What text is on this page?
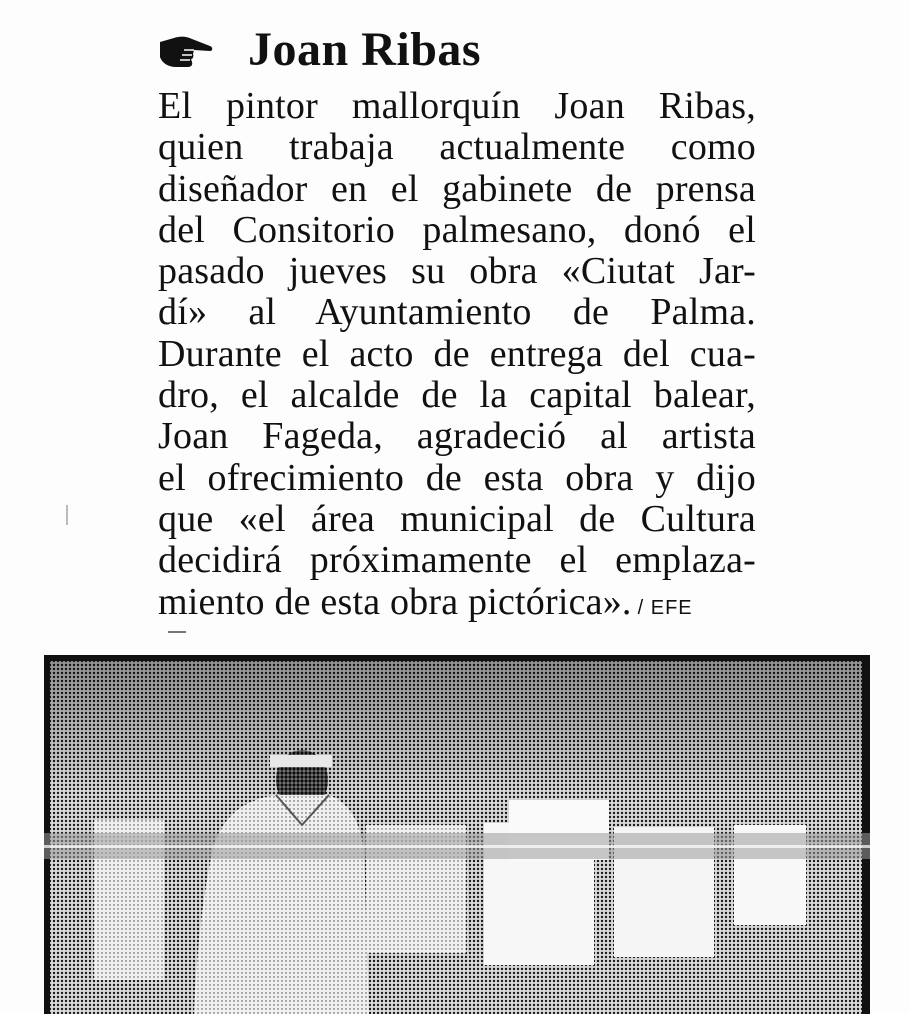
Joan Ribas
El pintor mallorquín Joan Ribas,
quien trabaja actualmente como
diseñador en el gabinete de prensa
del Consitorio palmesano, donó el
pasado jueves su obra «Ciutat Jar-
dí» al Ayuntamiento de Palma.
Durante el acto de entrega del cua-
dro, el alcalde de la capital balear,
Joan Fageda, agradeció al artista
el ofrecimiento de esta obra y dijo
que «el área municipal de Cultura
decidirá próximamente el emplaza-
miento de esta obra pictórica». / EFE
